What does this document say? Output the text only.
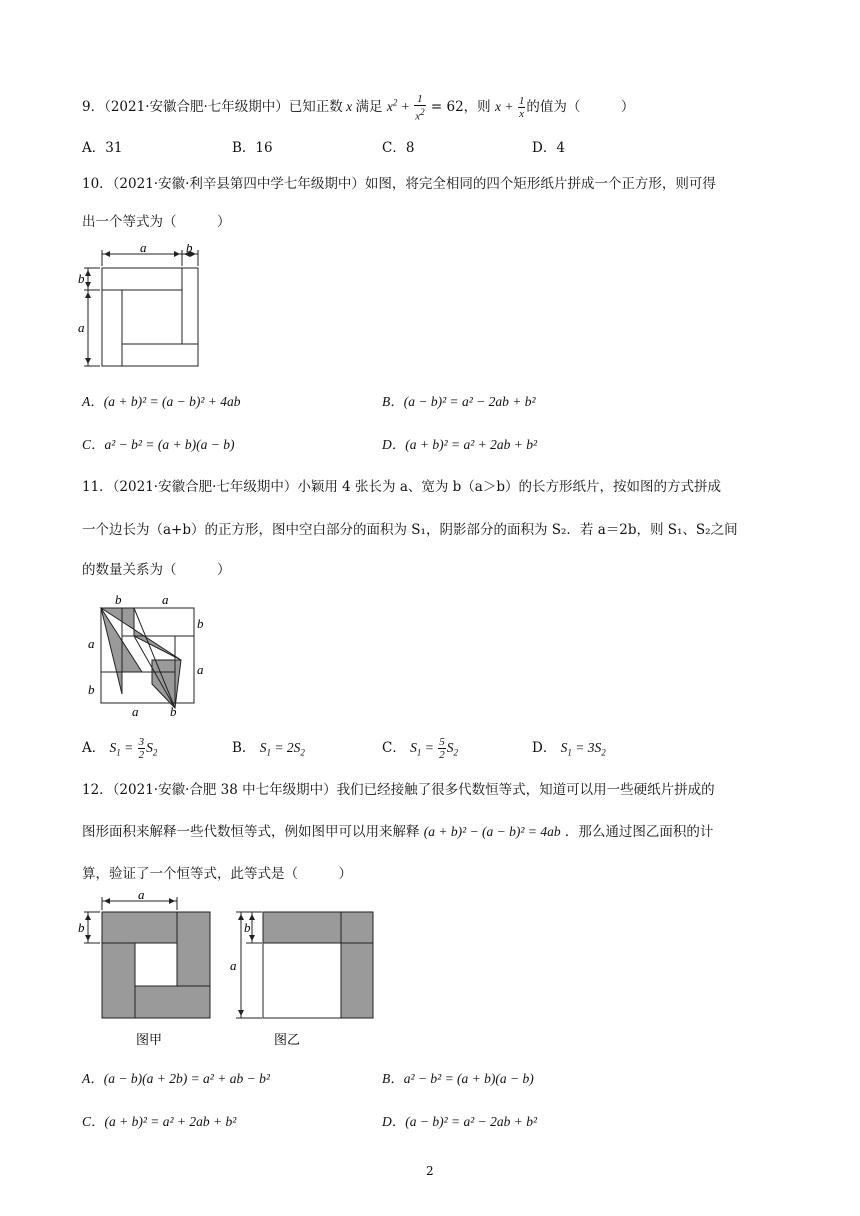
9．（2021·安徽合肥·七年级期中）已知正数 x 满足 $x^2 + \frac{1}{x^2} = 62$，则 $x + \frac{1}{x}$ 的值为（　　　）
A．31	B．16	C．8	D．4
10．（2021·安徽·利辛县第四中学七年级期中）如图，将完全相同的四个矩形纸片拼成一个正方形，则可得
出一个等式为（　　　）
a	b
b
a
A．(a + b)² = (a − b)² + 4ab	B．(a − b)² = a² − 2ab + b²
C．a² − b² = (a + b)(a − b)	D．(a + b)² = a² + 2ab + b²
11．（2021·安徽合肥·七年级期中）小颖用 4 张长为 a、宽为 b（a＞b）的长方形纸片，按如图的方式拼成
一个边长为（a+b）的正方形，图中空白部分的面积为 S₁，阴影部分的面积为 S₂．若 a＝2b，则 S₁、S₂之间
的数量关系为（　　　）
b	a
b
a
a b
a
b
A． $S_1 = \frac{3}{2} S_2$	B． $S_1 = 2S_2$	C． $S_1 = \frac{5}{2} S_2$	D． $S_1 = 3S_2$
12．（2021·安徽·合肥 38 中七年级期中）我们已经接触了很多代数恒等式，知道可以用一些硬纸片拼成的
图形面积来解释一些代数恒等式，例如图甲可以用来解释 (a + b)² − (a − b)² = 4ab ．那么通过图乙面积的计
算，验证了一个恒等式，此等式是（　　　）
a
b	b
a
图甲	图乙
A．(a − b)(a + 2b) = a² + ab − b²	B．a² − b² = (a + b)(a − b)
C．(a + b)² = a² + 2ab + b²	D．(a − b)² = a² − 2ab + b²
2
